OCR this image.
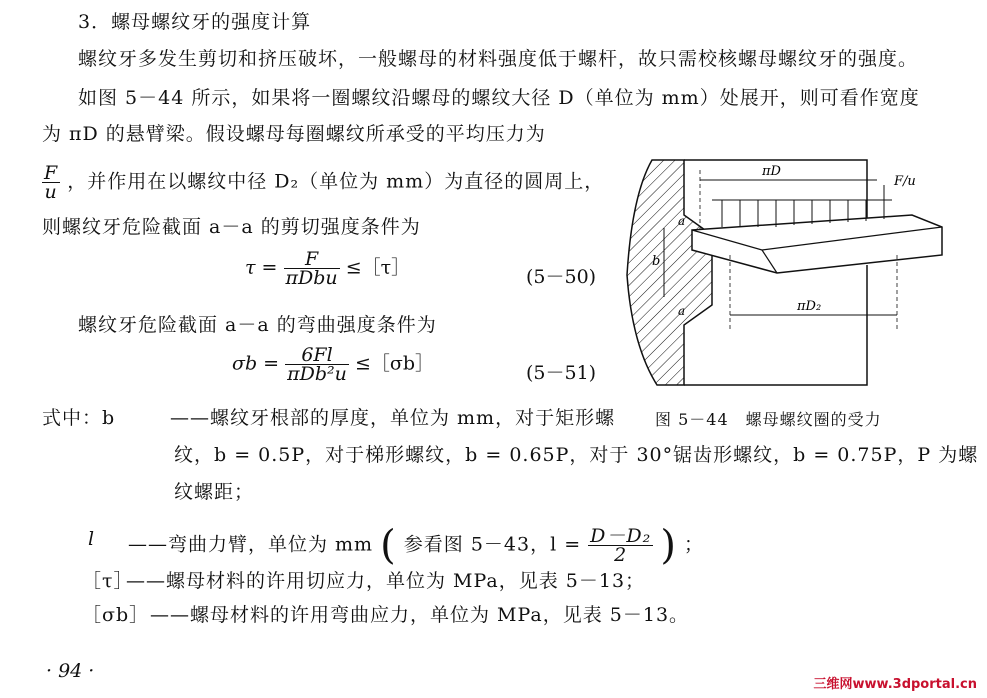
3．螺母螺纹牙的强度计算
螺纹牙多发生剪切和挤压破坏，一般螺母的材料强度低于螺杆，故只需校核螺母螺纹牙的强度。
如图 5－44 所示，如果将一圈螺纹沿螺母的螺纹大径 D（单位为 mm）处展开，则可看作宽度
为 πD 的悬臂梁。假设螺母每圈螺纹所承受的平均压力为
$\frac{F}{u}$ ，并作用在以螺纹中径 D₂（单位为 mm）为直径的圆周上，
则螺纹牙危险截面 a－a 的剪切强度条件为
$\tau = \frac{F}{\text{πDbu}}$ ≤［τ］	(5－50)
螺纹牙危险截面 a－a 的弯曲强度条件为
$\sigma b = \frac{6Fl}{\text{πDb²u}}$ ≤［σb］	(5－51)
式中：b	——螺纹牙根部的厚度，单位为 mm，对于矩形螺
纹，b = 0.5P，对于梯形螺纹，b = 0.65P，对于 30°锯齿形螺纹，b = 0.75P，P 为螺
纹螺距；
l ——弯曲力臂，单位为 mm ( 参看图 5－43，$l = \frac{\text{D－D₂}}{2}$ ) ；
［τ］
——螺母材料的许用切应力，单位为 MPa，见表 5－13；
［σb］ ——螺母材料的许用弯曲应力，单位为 MPa，见表 5－13。
πD
F/u
πD₂
b
a
a
图 5－44　螺母螺纹圈的受力
· 94 ·
三维网www.3dportal.cn
